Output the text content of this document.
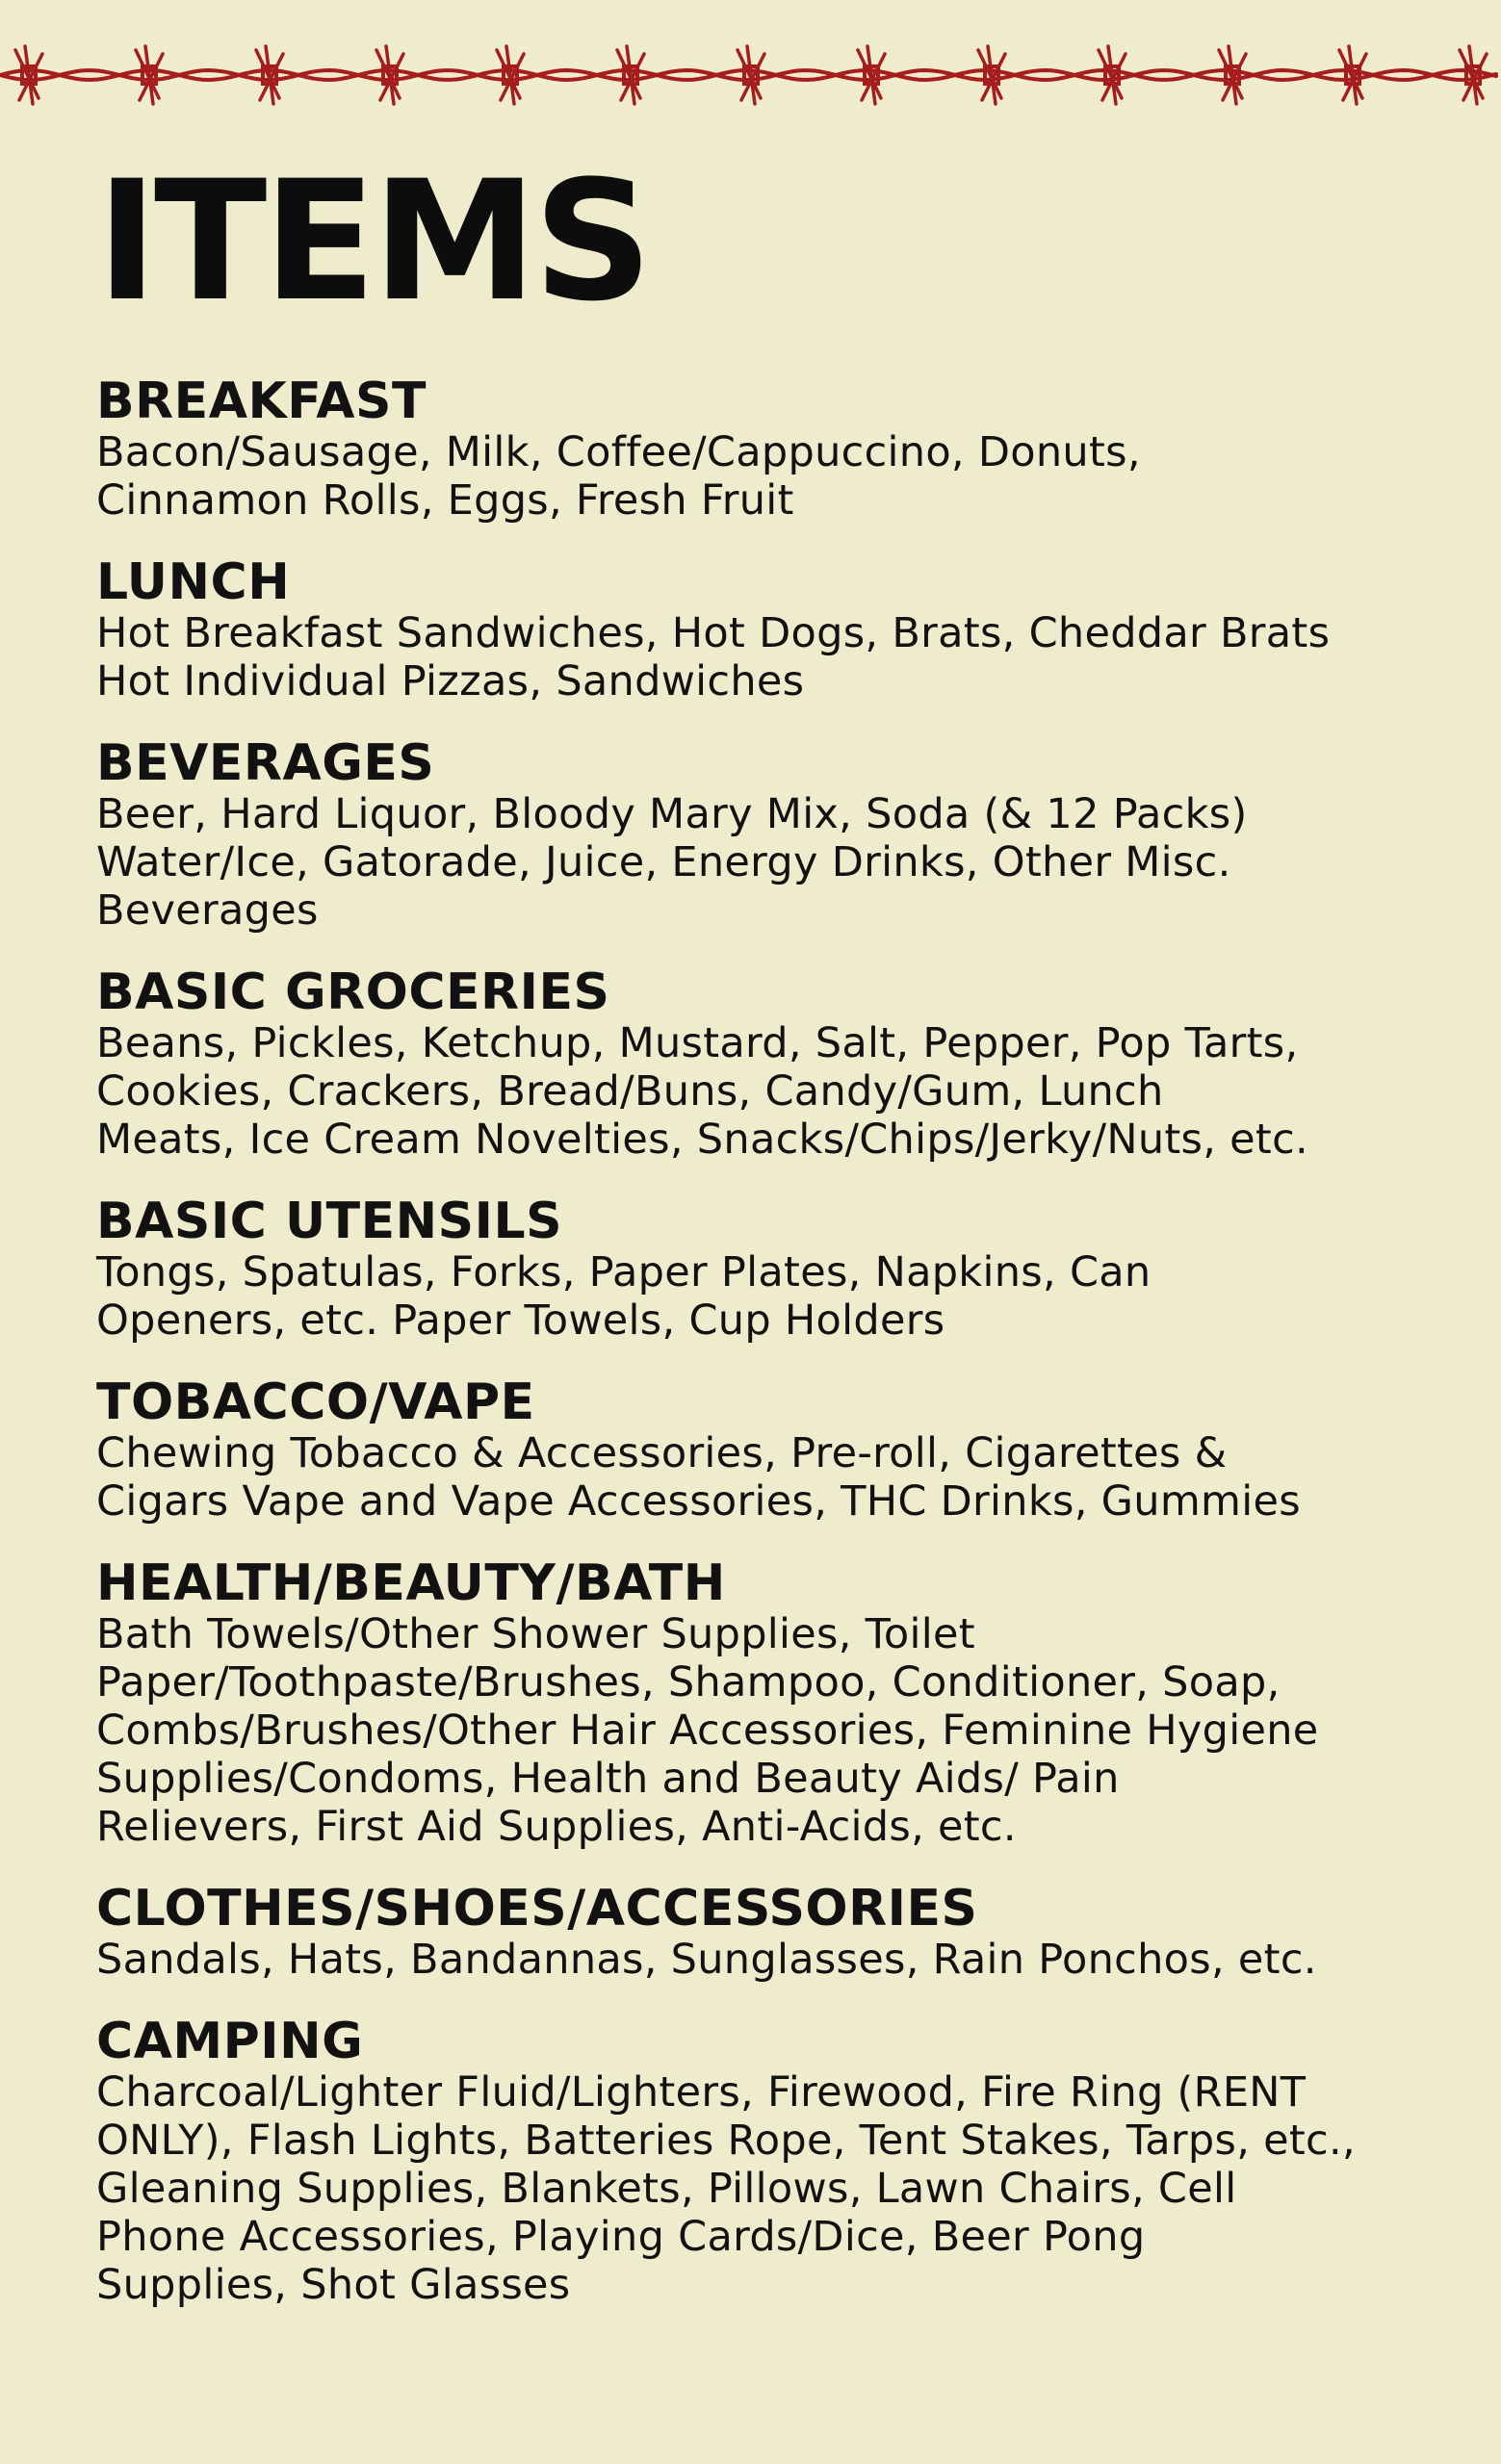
ITEMS
BREAKFAST

Bacon/Sausage, Milk, Coffee/Cappuccino, Donuts,
Cinnamon Rolls, Eggs, Fresh Fruit

LUNCH

Hot Breakfast Sandwiches, Hot Dogs, Brats, Cheddar Brats
Hot Individual Pizzas, Sandwiches

BEVERAGES

Beer, Hard Liquor, Bloody Mary Mix, Soda (& 12 Packs)
Water/Ice, Gatorade, Juice, Energy Drinks, Other Misc.
Beverages

BASIC GROCERIES

Beans, Pickles, Ketchup, Mustard, Salt, Pepper, Pop Tarts,
Cookies, Crackers, Bread/Buns, Candy/Gum, Lunch
Meats, Ice Cream Novelties, Snacks/Chips/Jerky/Nuts, etc.

BASIC UTENSILS

Tongs, Spatulas, Forks, Paper Plates, Napkins, Can
Openers, etc. Paper Towels, Cup Holders

TOBACCO/VAPE

Chewing Tobacco & Accessories, Pre-roll, Cigarettes &
Cigars Vape and Vape Accessories, THC Drinks, Gummies

HEALTH/BEAUTY/BATH

Bath Towels/Other Shower Supplies, Toilet
Paper/Toothpaste/Brushes, Shampoo, Conditioner, Soap,
Combs/Brushes/Other Hair Accessories, Feminine Hygiene
Supplies/Condoms, Health and Beauty Aids/ Pain
Relievers, First Aid Supplies, Anti-Acids, etc.

CLOTHES/SHOES/ACCESSORIES

Sandals, Hats, Bandannas, Sunglasses, Rain Ponchos, etc.

CAMPING

Charcoal/Lighter Fluid/Lighters, Firewood, Fire Ring (RENT
ONLY), Flash Lights, Batteries Rope, Tent Stakes, Tarps, etc.,
Gleaning Supplies, Blankets, Pillows, Lawn Chairs, Cell
Phone Accessories, Playing Cards/Dice, Beer Pong
Supplies, Shot Glasses
